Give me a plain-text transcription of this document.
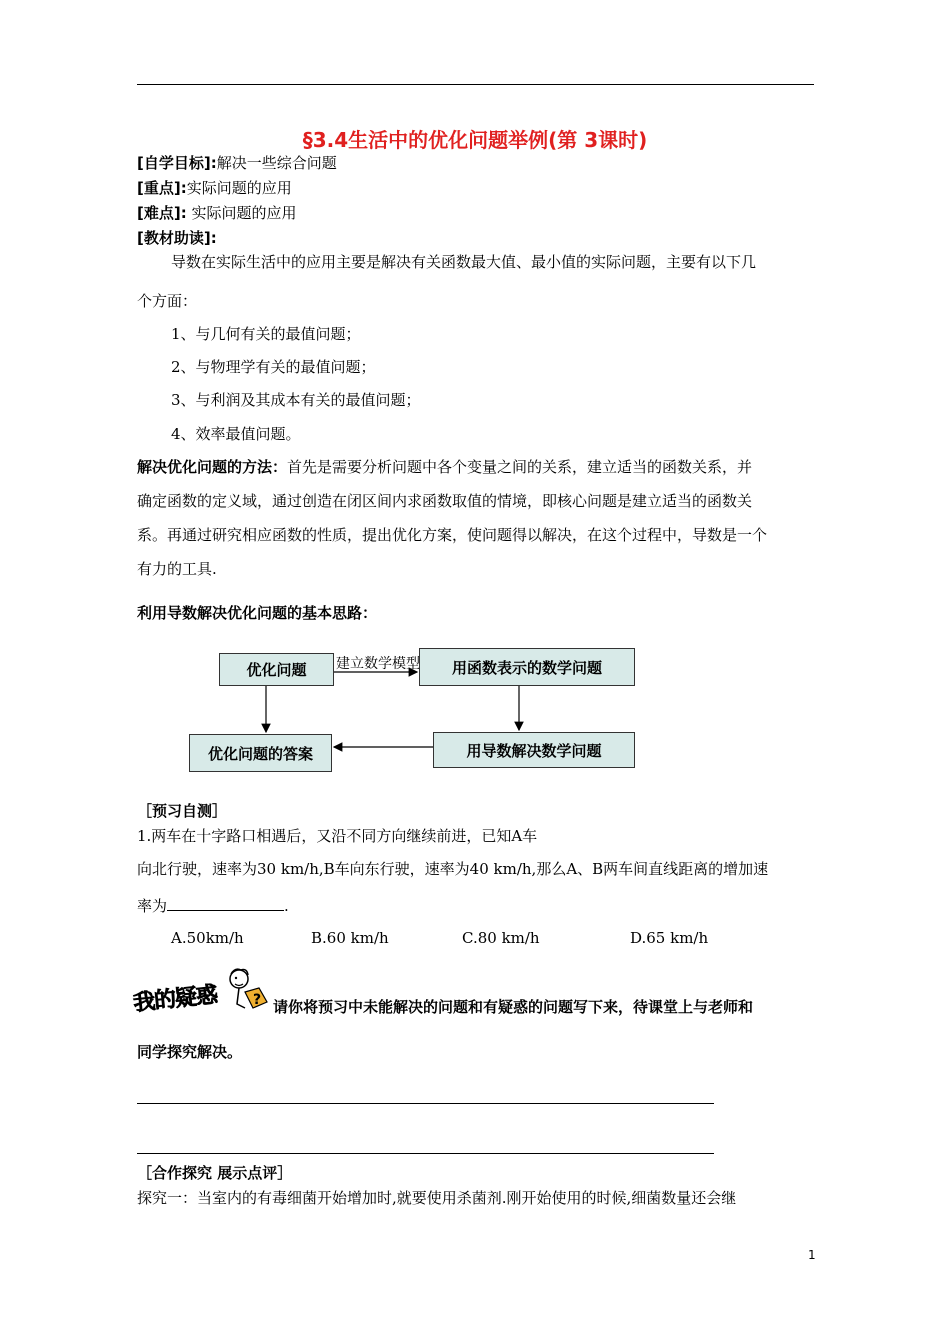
§3.4生活中的优化问题举例(第 3课时)
[自学目标]:解决一些综合问题
[重点]:实际问题的应用
[难点]: 实际问题的应用
[教材助读]:
导数在实际生活中的应用主要是解决有关函数最大值、最小值的实际问题，主要有以下几
个方面：
1、与几何有关的最值问题；
2、与物理学有关的最值问题；
3、与利润及其成本有关的最值问题；
4、效率最值问题。
解决优化问题的方法：首先是需要分析问题中各个变量之间的关系，建立适当的函数关系，并
确定函数的定义域，通过创造在闭区间内求函数取值的情境，即核心问题是建立适当的函数关
系。再通过研究相应函数的性质，提出优化方案，使问题得以解决，在这个过程中，导数是一个
有力的工具.
利用导数解决优化问题的基本思路：
优化问题	用函数表示的数学问题
用导数解决数学问题
优化问题的答案
建立数学模型
［预习自测］
1.两车在十字路口相遇后，又沿不同方向继续前进，已知A车
向北行驶，速率为30 km/h,B车向东行驶，速率为40 km/h,那么A、B两车间直线距离的增加速
率为	.
A.50km/h	B.60 km/h	C.80 km/h	D.65 km/h
我的疑惑 ? 请你将预习中未能解决的问题和有疑惑的问题写下来，待课堂上与老师和
同学探究解决。
［合作探究 展示点评］
探究一：当室内的有毒细菌开始增加时,就要使用杀菌剂.刚开始使用的时候,细菌数量还会继
1
